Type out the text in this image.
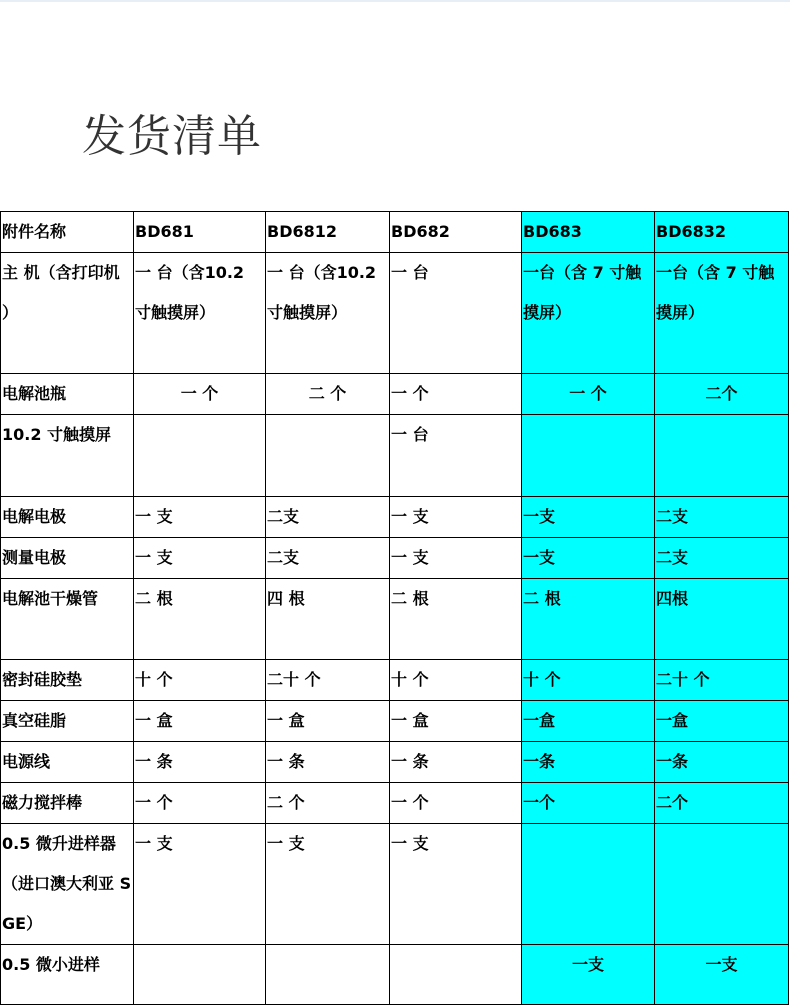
发货清单
附件名称	BD681	BD6812	BD682	BD683	BD6832
主 机（含打印机 ）	一 台（含10.2 寸触摸屏）	一 台（含10.2 寸触摸屏）	一 台	一台（含 7 寸触摸屏）	一台（含 7 寸触摸屏）
电解池瓶	一 个	二 个	一 个	一 个	二个
10.2 寸触摸屏			一 台		
电解电极	一 支	二支	一 支	一支	二支
测量电极	一 支	二支	一 支	一支	二支
电解池干燥管	二 根	四 根	二 根	二 根	四根
密封硅胶垫	十 个	二十 个	十 个	十 个	二十 个
真空硅脂	一 盒	一 盒	一 盒	一盒	一盒
电源线	一 条	一 条	一 条	一条	一条
磁力搅拌棒	一 个	二 个	一 个	一个	二个
0.5 微升进样器（进口澳大利亚 SGE）	一 支	一 支	一 支		
0.5 微小进样				一支	一支
